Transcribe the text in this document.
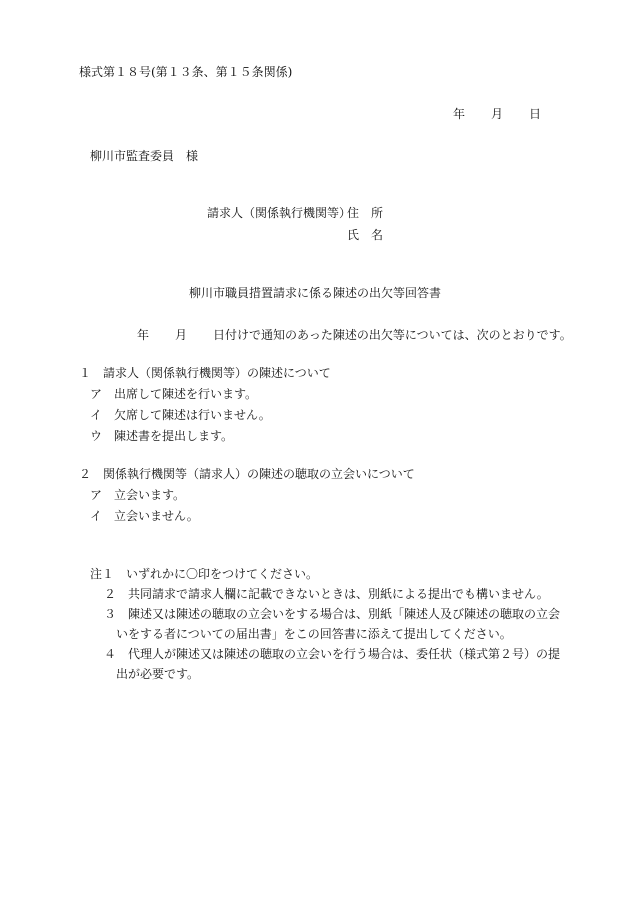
様式第１８号(第１３条、第１５条関係)
年 月 日
柳川市監査委員　様
請求人（関係執行機関等）
住　所
氏　名
柳川市職員措置請求に係る陳述の出欠等回答書
年 月 日付けで通知のあった陳述の出欠等については、次のとおりです。
１　請求人（関係執行機関等）の陳述について
ア　出席して陳述を行います。
イ　欠席して陳述は行いません。
ウ　陳述書を提出します。
２　関係執行機関等（請求人）の陳述の聴取の立会いについて
ア　立会います。
イ　立会いません。
注１　いずれかに〇印をつけてください。
２　共同請求で請求人欄に記載できないときは、別紙による提出でも構いません。
３　陳述又は陳述の聴取の立会いをする場合は、別紙「陳述人及び陳述の聴取の立会
いをする者についての届出書」をこの回答書に添えて提出してください。
４　代理人が陳述又は陳述の聴取の立会いを行う場合は、委任状（様式第２号）の提
出が必要です。
